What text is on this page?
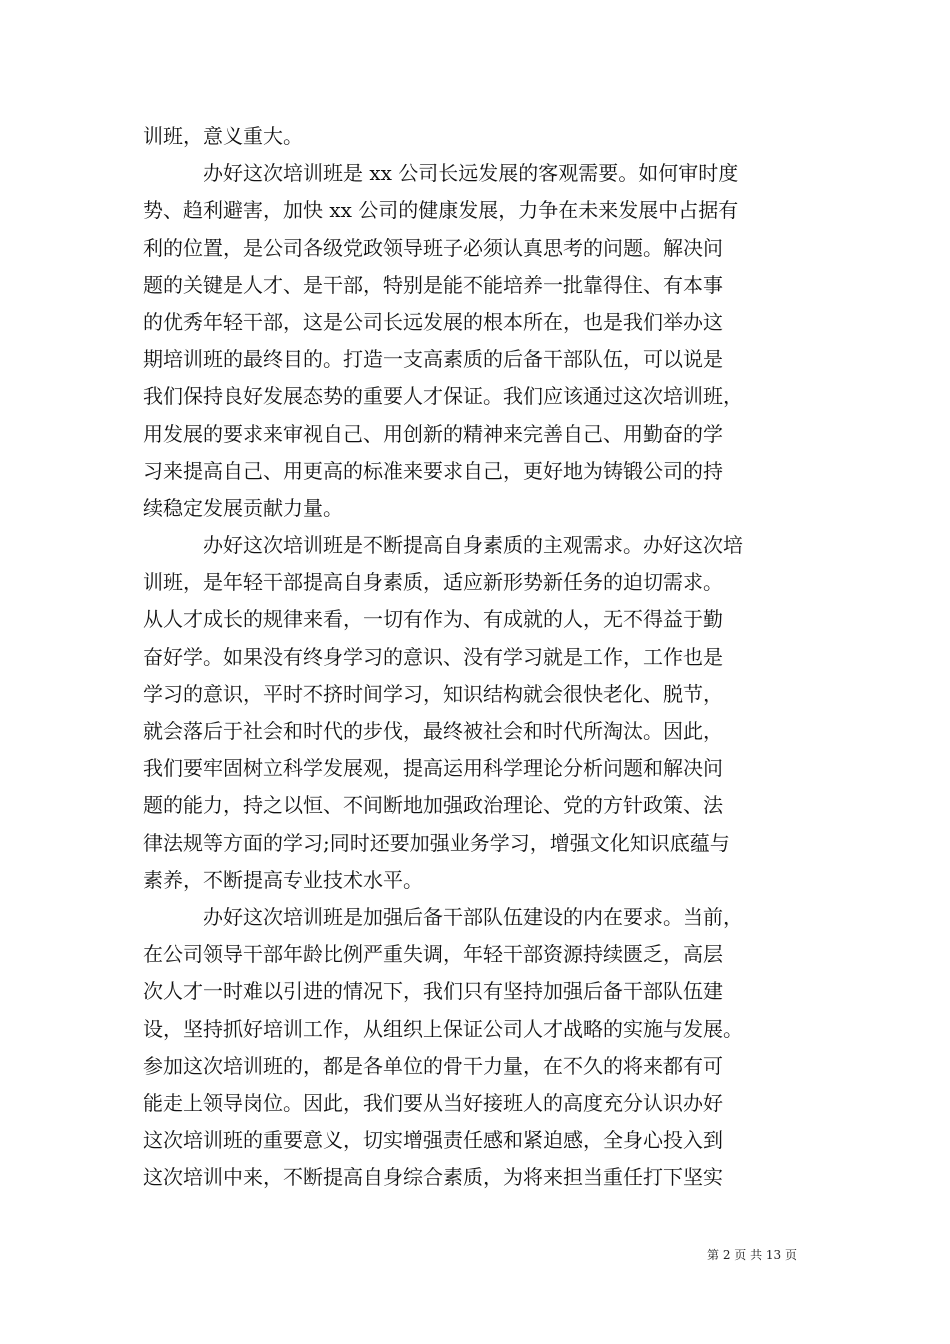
训班，意义重大。
办好这次培训班是 xx 公司长远发展的客观需要。如何审时度
势、趋利避害，加快 xx 公司的健康发展，力争在未来发展中占据有
利的位置，是公司各级党政领导班子必须认真思考的问题。解决问
题的关键是人才、是干部，特别是能不能培养一批靠得住、有本事
的优秀年轻干部，这是公司长远发展的根本所在，也是我们举办这
期培训班的最终目的。打造一支高素质的后备干部队伍，可以说是
我们保持良好发展态势的重要人才保证。我们应该通过这次培训班，
用发展的要求来审视自己、用创新的精神来完善自己、用勤奋的学
习来提高自己、用更高的标准来要求自己，更好地为铸锻公司的持
续稳定发展贡献力量。
办好这次培训班是不断提高自身素质的主观需求。办好这次培
训班，是年轻干部提高自身素质，适应新形势新任务的迫切需求。
从人才成长的规律来看，一切有作为、有成就的人，无不得益于勤
奋好学。如果没有终身学习的意识、没有学习就是工作，工作也是
学习的意识，平时不挤时间学习，知识结构就会很快老化、脱节，
就会落后于社会和时代的步伐，最终被社会和时代所淘汰。因此，
我们要牢固树立科学发展观，提高运用科学理论分析问题和解决问
题的能力，持之以恒、不间断地加强政治理论、党的方针政策、法
律法规等方面的学习;同时还要加强业务学习，增强文化知识底蕴与
素养，不断提高专业技术水平。
办好这次培训班是加强后备干部队伍建设的内在要求。当前，
在公司领导干部年龄比例严重失调，年轻干部资源持续匮乏，高层
次人才一时难以引进的情况下，我们只有坚持加强后备干部队伍建
设，坚持抓好培训工作，从组织上保证公司人才战略的实施与发展。
参加这次培训班的，都是各单位的骨干力量，在不久的将来都有可
能走上领导岗位。因此，我们要从当好接班人的高度充分认识办好
这次培训班的重要意义，切实增强责任感和紧迫感，全身心投入到
这次培训中来，不断提高自身综合素质，为将来担当重任打下坚实
第 2 页 共 13 页
